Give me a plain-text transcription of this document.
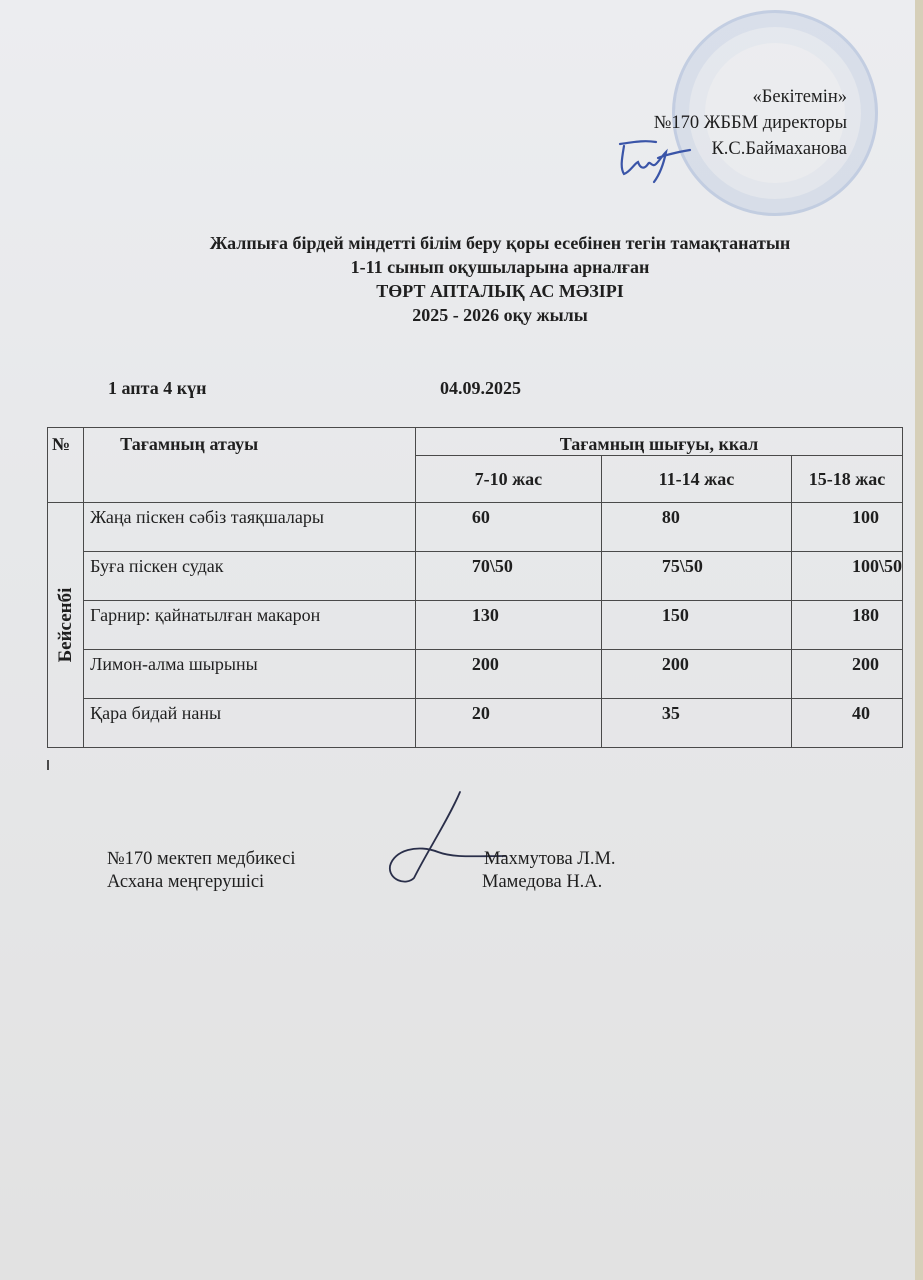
«Бекітемін»
№170 ЖББМ директоры
К.С.Баймаханова
Жалпыға бірдей міндетті білім беру қоры есебінен тегін тамақтанатын
1-11 сынып оқушыларына арналған
ТӨРТ АПТАЛЫҚ АС МӘЗІРІ
2025 - 2026 оқу жылы
1 апта 4 күн	04.09.2025
№	Тағамның атауы	Тағамның шығуы, ккал		
		7-10 жас	11-14 жас	15-18 жас

Бейсенбі	Жаңа піскен сәбіз таяқшалары	60	80	100
	Буға піскен судак	70\50	75\50	100\50
	Гарнир: қайнатылған макарон	130	150	180
	Лимон-алма шырыны	200	200	200
	Қара бидай наны	20	35	40
№170 мектеп медбикесі
Асхана меңгерушісі
Махмутова Л.М.
Мамедова Н.А.
